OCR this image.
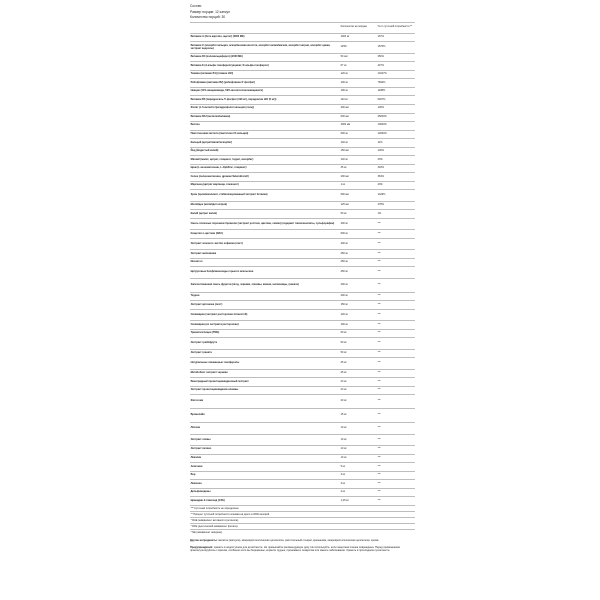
Состав:
Размер порции: 12 капсул
Количество порций: 30
	Количество на порцию	% от суточной потребности **
Витамин А (бета-каротин, ацетат) (3000 МЕ)	1000 мг	167%
Витамин С (аскорбат кальция, аскорбиновая кислота, аскорбат калия/магния, аскорбат натрия, аскорбат цинка, экстракт ацеролы)	1155 г	1570%
Витамин D3 (холекальциферол) (2000 МЕ)	50 мкг	250%
Витамин Е (d-альфа-токоферилсукцинат, D-альфа-токоферол)	67 мг	447%
Тиамин (витамин B1) (тиамин HCl)	120 мг	10417%
Рибофлавин (витамин B2) (рибофлавин-5'-фосфат)	100 мг	7692%
Ниацин (41% ниацинамида, 59% инозитолгексаниацината)	190 мг	1188%
Витамин B6 (пиридоксаль-5'-фосфат (190 мг), пиридоксин HCl (5 мг))	110 мг	6467%
Фолат (L-5-метилтетрагидрофолат кальция (соль))	400 мкг	100%
Витамин B12 (метилкобаламин)	600 мкг	25000%
Биотин	3000 мкг	10000%
Пантотеновая кислота (пантотенат D-кальция)	600 мг	12000%
Кальций (цитрат/малат/аскорбат)	140 мг	11%
Йод (йодистый калий)	150 мкг	100%
Магний (малат, цитрат, глицинат, таурат, аскорбат)	140 мг	33%
Цинк (L-монометионин, L-OptiZinc, глицинат)	35 мг	318%
Селен (селенометионин, дрожжи SelenoExcell)	200 мкг	364%
Марганец (цитрат марганца, глюконат)	1 мг	43%
Хром (хромпиколинат, стабилизированный экстракт бетаина)	500 мкг	1429%
Молибден (молибдат натрия)	125 мкг	278%
Калий (цитрат калия)	50 мг	1%
Смесь полезных порошков брокколи (экстракт ростков, цветков, семян) (содержит глюкозинолаты, сульфорафан)	400 мг	***
N-ацетил-L-цистеин (NAC)	600 мг	***
Экстракт зеленого чая без кофеина (лист)	400 мг	***
Экстракт шиповника	250 мг	***
Инозитол	250 мг	***
Цитрусовые биофлавоноиды горького апельсина	250 мг	***
Запатентованная смесь фруктов (ягод, черники, клюквы, вишни, шелковицы, граната)	200 мг	***
Таурин	200 мг	***
Экстракт артишока (лист)	150 мг	***
Силимарин (экстракт расторопши пятнистой)	120 мг	***
Силимарин (из экстракта расторопши)	100 мг	***
Триметилглицин (TMG)	60 мг	***
Экстракт грейпфрута	50 мг	***
Экстракт граната	50 мг	***
Натуральные смешанные токоферолы	25 мг	***
Метабобиот экстракт черники	25 мг	***
Виноградный проантоцианидиновый экстракт	23 мг	***
Экстракт проантоцианидинов клюквы	23 мг	***
Фитосома	20 мг	***
Бромелайн	15 мг	***
Лютеин	10 мг	***
Экстракт оливы	10 мг	***
Экстракт пепино	10 мг	***
Ликопин	10 мг	***
Апигенин	5 мг	***
Бор	3 мг	***
Лимонен	3 мг	***
Дельфинидины	2 мг	***
Цианидин-3-гликозид (C3G)	1,25 мг	***
*** Суточная потребность не определена.
** Процент суточной потребности основан на диете в 2000 калорий.
* RAE (эквивалент активности ретинола).
* DFE (диетический эквивалент фолата).
* NE (эквивалент ниацина).
Другие ингредиенты: желатин (капсула), микрокристаллическая целлюлоза, растительный стеарат, кремнезем, микрокристаллическая целлюлоза, хрома.
Предупреждения: хранить в недоступном для детей месте. Не превышайте рекомендуемую дозу. Не используйте, если защитная пленка повреждена. Перед применением проконсультируйтесь с врачом, особенно если вы беременны, кормите грудью, принимаете лекарства или имеете заболевания. Хранить в прохладном сухом месте.
